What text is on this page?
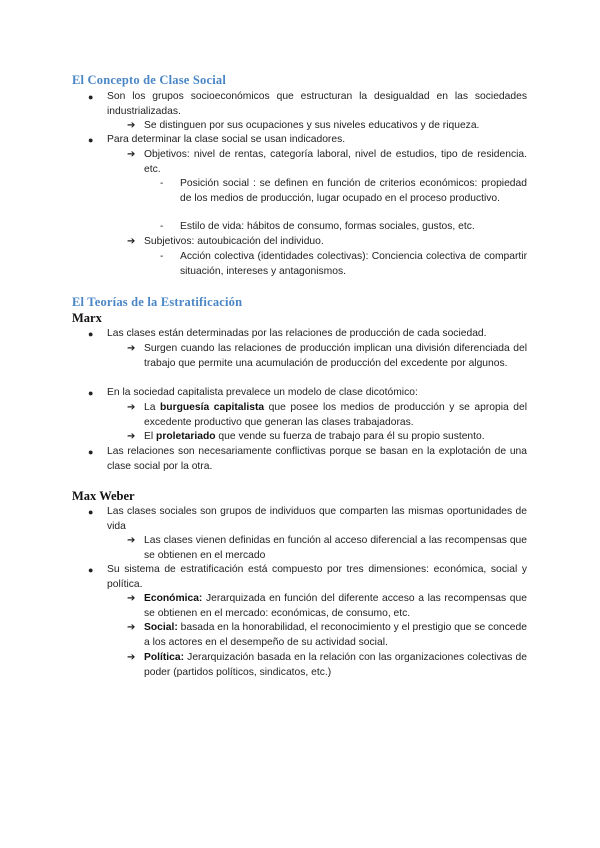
El Concepto de Clase Social
● Son los grupos socioeconómicos que estructuran la desigualdad en las sociedades industrializadas.
➔ Se distinguen por sus ocupaciones y sus niveles educativos y de riqueza.
● Para determinar la clase social se usan indicadores.
➔ Objetivos: nivel de rentas, categoría laboral, nivel de estudios, tipo de residencia. etc.
- Posición social : se definen en función de criterios económicos: propiedad de los medios de producción, lugar ocupado en el proceso productivo.
- Estilo de vida: hábitos de consumo, formas sociales, gustos, etc.
➔ Subjetivos: autoubicación del individuo.
- Acción colectiva (identidades colectivas): Conciencia colectiva de compartir situación, intereses y antagonismos.
El Teorías de la Estratificación
Marx
● Las clases están determinadas por las relaciones de producción de cada sociedad.
➔ Surgen cuando las relaciones de producción implican una división diferenciada del trabajo que permite una acumulación de producción del excedente por algunos.
● En la sociedad capitalista prevalece un modelo de clase dicotómico:
➔ La burguesía capitalista que posee los medios de producción y se apropia del excedente productivo que generan las clases trabajadoras.
➔ El proletariado que vende su fuerza de trabajo para él su propio sustento.
● Las relaciones son necesariamente conflictivas porque se basan en la explotación de una clase social por la otra.
Max Weber
● Las clases sociales son grupos de individuos que comparten las mismas oportunidades de vida
➔ Las clases vienen definidas en función al acceso diferencial a las recompensas que se obtienen en el mercado
● Su sistema de estratificación está compuesto por tres dimensiones: económica, social y política.
➔ Económica: Jerarquizada en función del diferente acceso a las recompensas que se obtienen en el mercado: económicas, de consumo, etc.
➔ Social: basada en la honorabilidad, el reconocimiento y el prestigio que se concede a los actores en el desempeño de su actividad social.
➔ Política: Jerarquización basada en la relación con las organizaciones colectivas de poder (partidos políticos, sindicatos, etc.)
